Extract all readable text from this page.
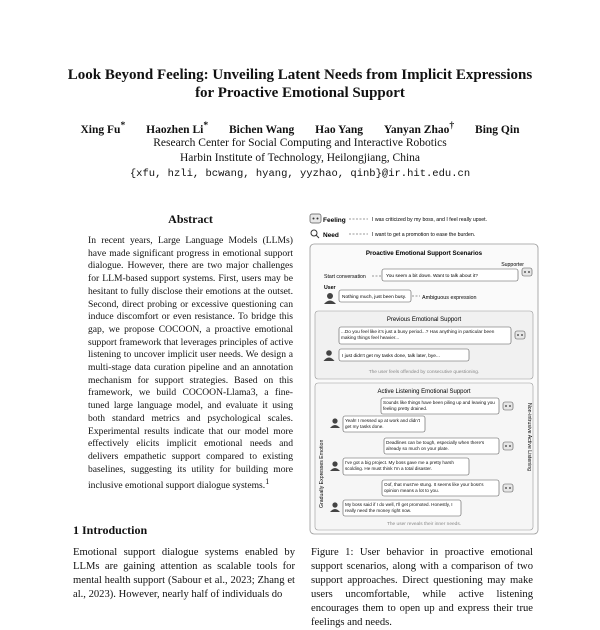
Look Beyond Feeling: Unveiling Latent Needs from Implicit Expressions
for Proactive Emotional Support
Xing Fu* Haozhen Li* Bichen Wang Hao Yang Yanyan Zhao† Bing Qin
Research Center for Social Computing and Interactive Robotics
Harbin Institute of Technology, Heilongjiang, China
{xfu, hzli, bcwang, hyang, yyzhao, qinb}@ir.hit.edu.cn
Abstract
In recent years, Large Language Models (LLMs) have made significant progress in emotional support dialogue. However, there are two major challenges for LLM-based support systems. First, users may be hesitant to fully disclose their emotions at the outset. Second, direct probing or excessive questioning can induce discomfort or even resistance. To bridge this gap, we propose COCOON, a proactive emotional support framework that leverages principles of active listening to uncover implicit user needs. We design a multi-stage data curation pipeline and an annotation mechanism for support strategies. Based on this framework, we build COCOON-Llama3, a fine-tuned large language model, and evaluate it using both standard metrics and psychological scales. Experimental results indicate that our model more effectively elicits implicit emotional needs and delivers empathetic support compared to existing baselines, suggesting its utility for building more inclusive emotional support dialogue systems.$^1$
1 Introduction
Emotional support dialogue systems enabled by LLMs are gaining attention as scalable tools for mental health support (Sabour et al., 2023; Zhang et al., 2023). However, nearly half of individuals do
Feeling
Need
I was criticized by my boss, and I feel really upset.
I want to get a promotion to ease the burden.
Proactive Emotional Support Scenarios
Supporter
Start conversation	You seem a bit down. Want to talk about it?
User
Nothing much, just been busy.	Ambiguous expression
Previous Emotional Support
...Do you feel like it's just a busy period...? Has anything in particular been making things feel heavier...
I just didn't get my tasks done, talk later, bye...
The user feels offended by consecutive questioning.
Active Listening Emotional Support
Gradually Expresses Emotion
Non-intrusive Active Listening
Sounds like things have been piling up and leaving you feeling pretty drained.
Yeah! I messed up at work and didn't get my tasks done.
Deadlines can be tough, especially when there's already so much on your plate.
I've got a big project. My boss gave me a pretty harsh scolding. He must think I'm a total disaster.
Oof, that must've stung. It seems like your boss's opinion means a lot to you.
My boss said if I do well, I'll get promoted. Honestly, I really need the money right now.
The user reveals their inner needs.
Figure 1: User behavior in proactive emotional support scenarios, along with a comparison of two support approaches. Direct questioning may make users uncomfortable, while active listening encourages them to open up and express their true feelings and needs.
